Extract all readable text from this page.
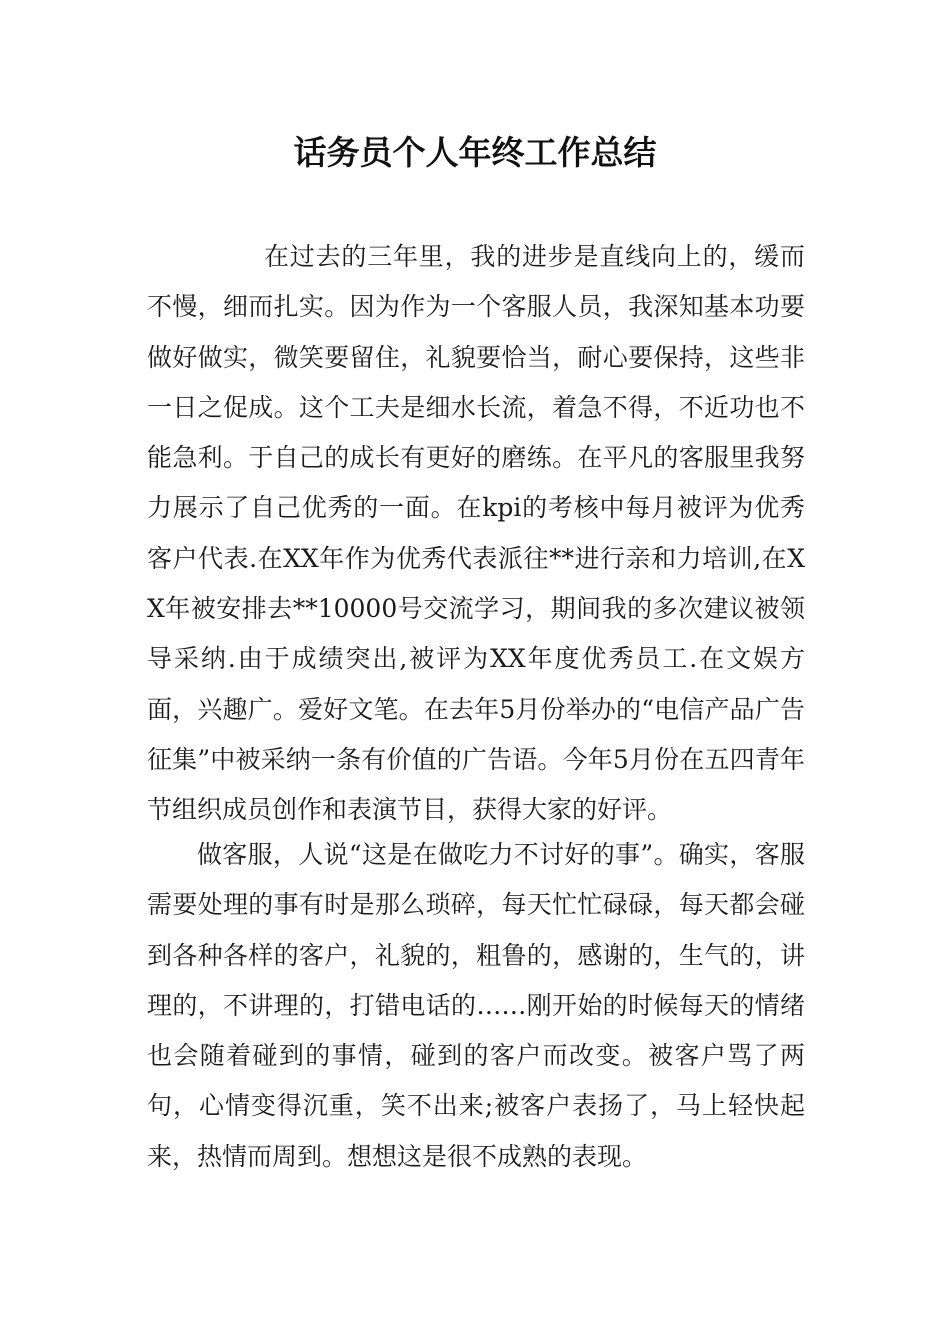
话务员个人年终工作总结

在过去的三年里，我的进步是直线向上的，缓而不慢，细而扎实。因为作为一个客服人员，我深知基本功要做好做实，微笑要留住，礼貌要恰当，耐心要保持，这些非一日之促成。这个工夫是细水长流，着急不得，不近功也不能急利。于自己的成长有更好的磨练。在平凡的客服里我努力展示了自己优秀的一面。在kpi的考核中每月被评为优秀客户代表.在XX年作为优秀代表派往**进行亲和力培训,在XX年被安排去**10000号交流学习，期间我的多次建议被领导采纳.由于成绩突出,被评为XX年度优秀员工.在文娱方面，兴趣广。爱好文笔。在去年5月份举办的“电信产品广告征集”中被采纳一条有价值的广告语。今年5月份在五四青年节组织成员创作和表演节目，获得大家的好评。

做客服，人说“这是在做吃力不讨好的事”。确实，客服需要处理的事有时是那么琐碎，每天忙忙碌碌，每天都会碰到各种各样的客户，礼貌的，粗鲁的，感谢的，生气的，讲理的，不讲理的，打错电话的……刚开始的时候每天的情绪也会随着碰到的事情，碰到的客户而改变。被客户骂了两句，心情变得沉重，笑不出来;被客户表扬了，马上轻快起来，热情而周到。想想这是很不成熟的表现。
